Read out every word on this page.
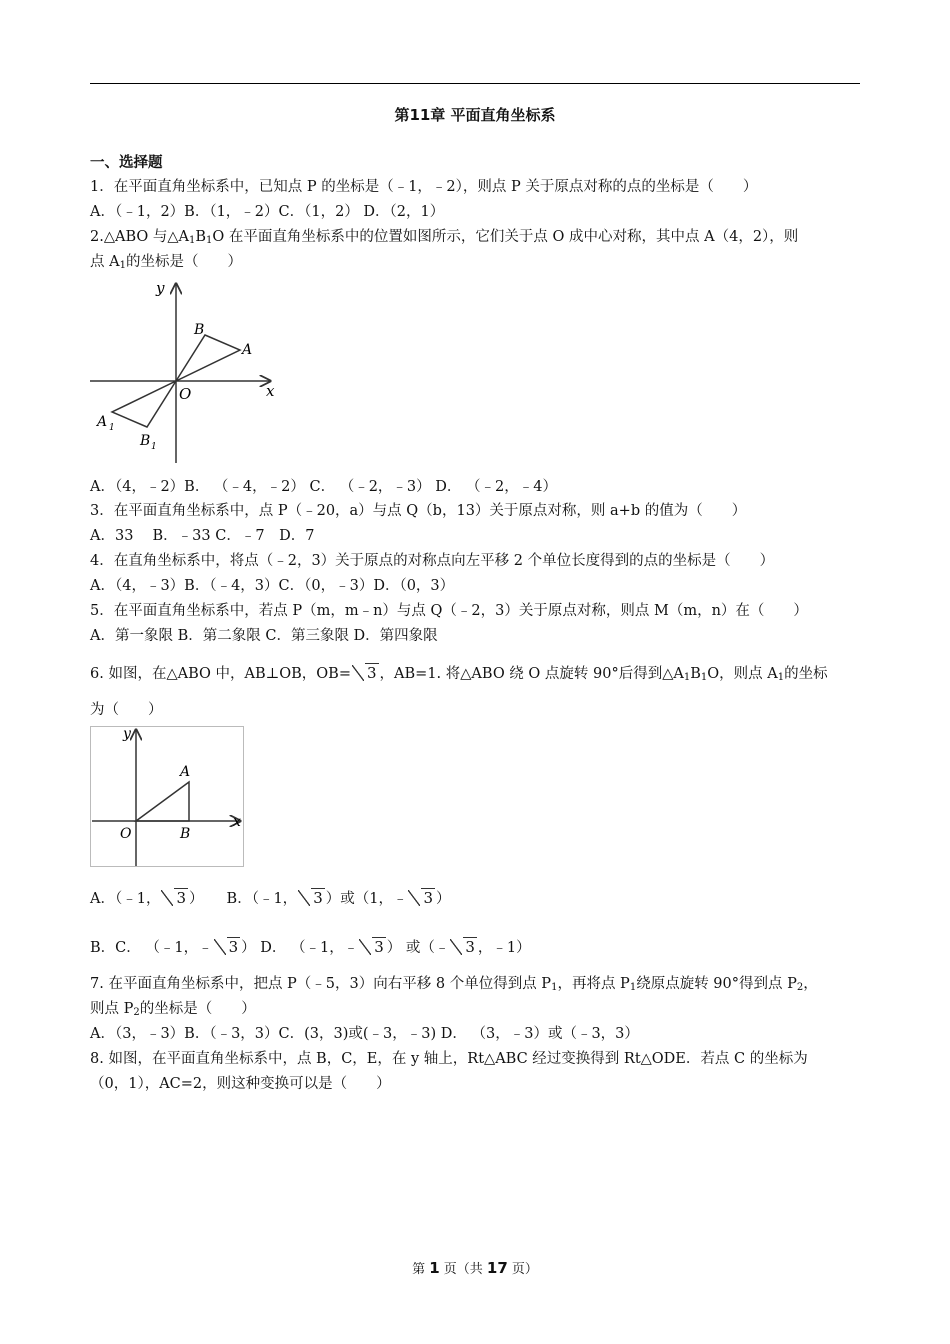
第11章 平面直角坐标系
一、选择题
1．在平面直角坐标系中，已知点 P 的坐标是（﹣1，﹣2），则点 P 关于原点对称的点的坐标是（　　）
A．（﹣1，2）B．（1，﹣2）C．（1，2） D．（2，1）
2.△ABO 与$\triangle A_1B_1O$ 在平面直角坐标系中的位置如图所示，它们关于点 O 成中心对称，其中点 A（4，2），则
点 $A_1$的坐标是（　　）
y
x
O
B
A
A 1
B 1
A．（4，﹣2）B． （﹣4，﹣2） C． （﹣2，﹣3） D． （﹣2，﹣4）
3．在平面直角坐标系中，点 P（﹣20，a）与点 Q（b，13）关于原点对称，则 a+b 的值为（　　）
A．33　 B．﹣33 C．﹣7　D．7
4．在直角坐标系中，将点（﹣2，3）关于原点的对称点向左平移 2 个单位长度得到的点的坐标是（　　）
A．（4，﹣3）B．（﹣4，3）C．（0，﹣3）D．（0，3）
5．在平面直角坐标系中，若点 P（m，m﹣n）与点 Q（﹣2，3）关于原点对称，则点 M（m，n）在（　　）
A．第一象限 B．第二象限 C．第三象限 D．第四象限
6. 如图，在△ABO 中，AB⊥OB，OB= 3 ，AB=1. 将△ABO 绕 O 点旋转 90°后得到$\triangle A_1B_1O$，则点 $A_1$的坐标
为（　　）
y
x
O
A
B
A．（﹣1， 3 ） B．（﹣1， 3 ）或（1，﹣ 3 ）
B．C． （﹣1，﹣ 3 ） D． （﹣1，﹣ 3 ） 或（﹣ 3 ，﹣1）
7. 在平面直角坐标系中，把点 P（﹣5，3）向右平移 8 个单位得到点 $P_1$，再将点 $P_1$绕原点旋转 90°得到点 $P_2$，
则点 $P_2$的坐标是（　　）
A．（3，﹣3）B．（﹣3，3）C．(3，3)或(﹣3，﹣3) D． （3，﹣3）或（﹣3，3）
8. 如图，在平面直角坐标系中，点 B，C，E，在 y 轴上，Rt△ABC 经过变换得到 Rt△ODE．若点 C 的坐标为
（0，1），AC=2，则这种变换可以是（　　）
第 1 页（共 17 页）
